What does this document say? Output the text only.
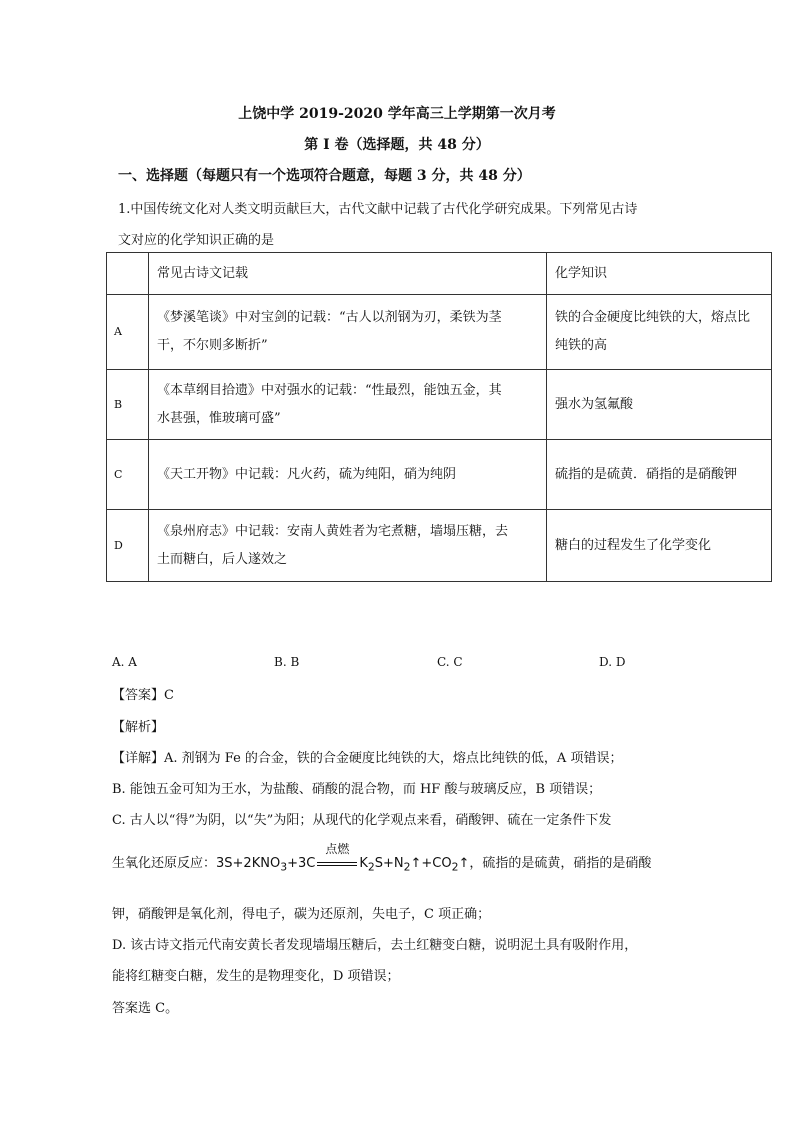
上饶中学 2019-2020 学年高三上学期第一次月考
第 I 卷（选择题，共 48 分）
一、选择题（每题只有一个选项符合题意，每题 3 分，共 48 分）
1.中国传统文化对人类文明贡献巨大，古代文献中记载了古代化学研究成果。下列常见古诗
文对应的化学知识正确的是
	常见古诗文记载	化学知识
A	《梦溪笔谈》中对宝剑的记载：“古人以剂钢为刃，柔铁为茎
干，不尔则多断折”	铁的合金硬度比纯铁的大，熔点比
纯铁的高
B	《本草纲目拾遗》中对强水的记载：“性最烈，能蚀五金，其
水甚强，惟玻璃可盛”	强水为氢氟酸
C	《天工开物》中记载：凡火药，硫为纯阳，硝为纯阴	硫指的是硫黄．硝指的是硝酸钾
D	《泉州府志》中记载：安南人黄姓者为宅煮糖，墙塌压糖，去
土而糖白，后人遂效之	糖白的过程发生了化学变化
A. A	B. B	C. C	D. D
【答案】C
【解析】
【详解】A. 剂钢为 Fe 的合金，铁的合金硬度比纯铁的大，熔点比纯铁的低，A 项错误；
B. 能蚀五金可知为王水，为盐酸、硝酸的混合物，而 HF 酸与玻璃反应，B 项错误；
C. 古人以“得”为阴，以“失”为阳；从现代的化学观点来看，硝酸钾、硫在一定条件下发
生氧化还原反应：$3S+2KNO_3+3C$
点燃
$K_2S+N_2↑+CO_2↑$，硫指的是硫黄，硝指的是硝酸
钾，硝酸钾是氧化剂，得电子，碳为还原剂，失电子，C 项正确；
D. 该古诗文指元代南安黄长者发现墙塌压糖后，去土红糖变白糖，说明泥土具有吸附作用，
能将红糖变白糖，发生的是物理变化，D 项错误；
答案选 C。
